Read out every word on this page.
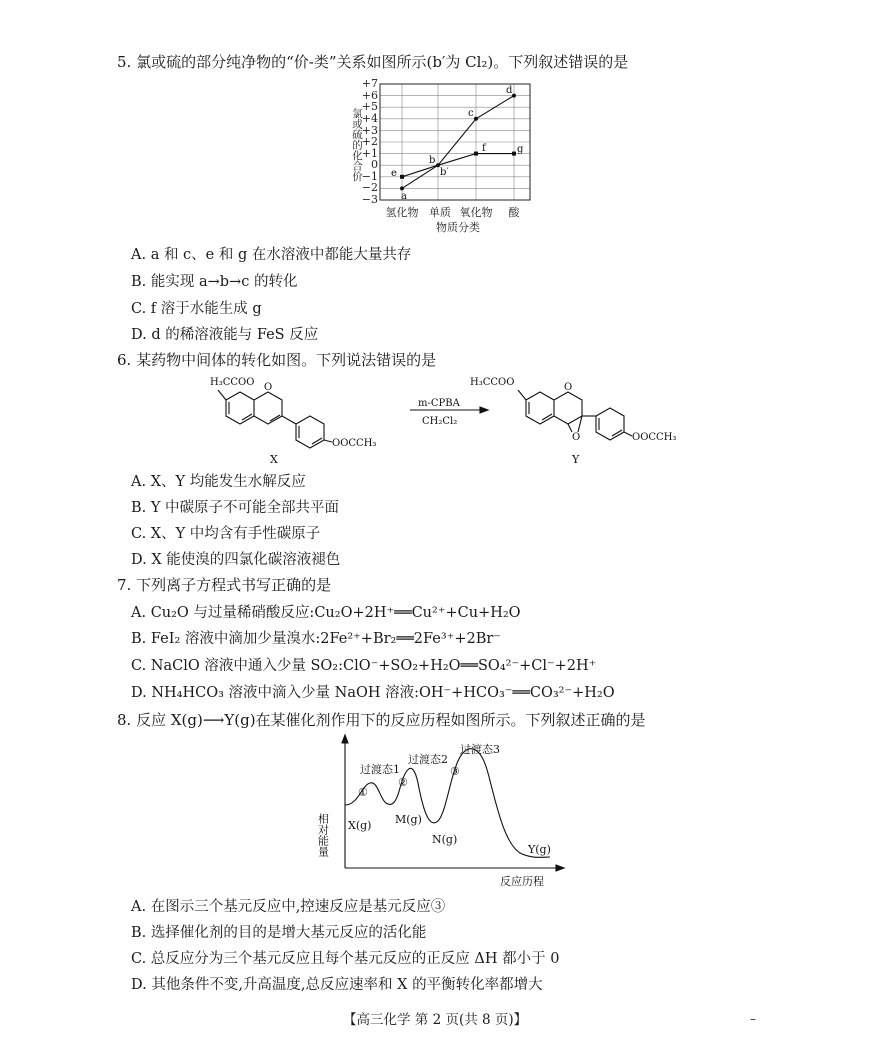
5. 氯或硫的部分纯净物的“价-类”关系如图所示(b′为 Cl₂)。下列叙述错误的是
+7
+6
+5
+4
+3
+2
+1
0
−1
−2
−3
氯或硫的化合价
氢化物 单质 氧化物 酸
物质分类
a
b
b′
c
d
e
f	g
A. a 和 c、e 和 g 在水溶液中都能大量共存
B. 能实现 a→b→c 的转化
C. f 溶于水能生成 g
D. d 的稀溶液能与 FeS 反应
6. 某药物中间体的转化如图。下列说法错误的是
H₃CCOO O
OOCCH₃
X
m-CPBA
CH₂Cl₂
H₃CCOO	O
O	OOCCH₃
Y
A. X、Y 均能发生水解反应
B. Y 中碳原子不可能全部共平面
C. X、Y 中均含有手性碳原子
D. X 能使溴的四氯化碳溶液褪色
7. 下列离子方程式书写正确的是
A. Cu₂O 与过量稀硝酸反应:Cu₂O+2H⁺══Cu²⁺+Cu+H₂O
B. FeI₂ 溶液中滴加少量溴水:2Fe²⁺+Br₂══2Fe³⁺+2Br⁻
C. NaClO 溶液中通入少量 SO₂:ClO⁻+SO₂+H₂O══SO₄²⁻+Cl⁻+2H⁺
D. NH₄HCO₃ 溶液中滴入少量 NaOH 溶液:OH⁻+HCO₃⁻══CO₃²⁻+H₂O
8. 反应 X(g)⟶Y(g)在某催化剂作用下的反应历程如图所示。下列叙述正确的是
相对能量
反应历程
过渡态1
过渡态2
过渡态3
①
②
③
X(g) M(g)
N(g)
Y(g)
A. 在图示三个基元反应中,控速反应是基元反应③
B. 选择催化剂的目的是增大基元反应的活化能
C. 总反应分为三个基元反应且每个基元反应的正反应 ΔH 都小于 0
D. 其他条件不变,升高温度,总反应速率和 X 的平衡转化率都增大
【高三化学 第 2 页(共 8 页)】	–
